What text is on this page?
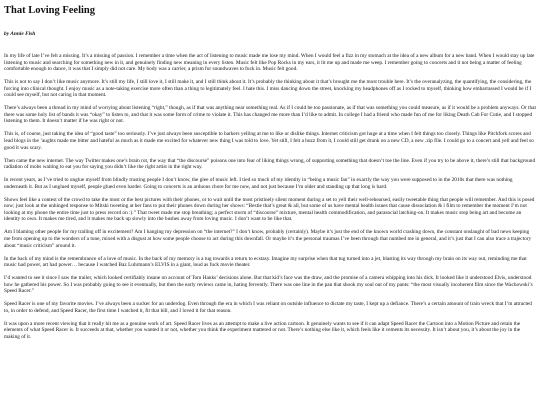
That Loving Feeling
by Annie Fish

In my life of late I’ve felt a missing. It’s a missing of passion. I remember a time when the act of listening to music made me lose my mind. When I would feel a fizz in my stomach at the idea of a new album for a new band. When I would stay up late listening to music and searching for something new in it, and genuinely finding new meaning in every listen. Music felt like Pop Rocks in my ears, it lit me up and made me weep. I remember going to concerts and it not being a matter of feeling comfortable enough to dance, it was that I simply did not care. My body was a carrier, a prism for soundwaves to fuck in. Music felt good.

This is not to say I don’t like music anymore. It’s still my life, I still love it, I still make it, and I still think about it. It’s probably the thinking about it that’s brought me the most trouble here. It’s the overanalyzing, the quantifying, the considering, the forcing into clinical thought. I enjoy music as a note-taking exercise more often than a thing to legitimately feel. I hate this. I miss dancing down the street, knocking my headphones off as I rocked to myself, thinking how embarrassed I would be if I could see myself, but not caring in that moment.

There’s always been a thread in my mind of worrying about listening “right,” though, as if that was anything near something real. As if I could be too passionate, as if that was something you could measure, as if it would be a problem anyways. Or that there was some holy list of bands it was “okay” to listen to, and that it was some form of crime to violate it. This has changed me more than I’d like to admit. In college I had a friend who made fun of me for liking Death Cab For Cutie, and I stopped listening to them. It doesn’t matter if he was right or not.

This is, of course, just taking the idea of “good taste” too seriously. I’ve just always been susceptible to barkers yelling at me to like or dislike things. Internet criticism got huge at a time when I felt things too closely. Things like Pitchfork scores and lead blogs in the ’aughts made me bitter and hateful as much as it made me excited for whatever new thing I was told to love. Yet still, I felt a buzz from it, I could still get drunk on a new CD, a new .zip file. I could go to a concert and yell and feel so good it was scary.

Then came the new internet. The way Twitter makes one’s brain rot, the way that “the discourse” poisons one into fear of liking things wrong, of supporting something that doesn’t toe the line. Even if you try to be above it, there’s still that background radiation of mobs waiting to eat you for saying you didn’t like the right artist in the right way.

In recent years, as I’ve tried to unglue myself from blindly trusting people I don’t know, the glee of music left. I tied so much of my identity in “being a music fan” in exactly the way you were supposed to in the 2010s that there was nothing underneath it. But as I unglued myself, people glued even harder. Going to concerts is an arduous chore for me now, and not just because I’m older and standing up that long is hard.

Shows feel like a contest of the crowd to take the most or the best pictures with their phones, or to wait until the most pristinely silent moment during a set to yell their well-rehearsed, easily tweetable thing that people will remember. And this is posed now; just look at the unhinged response to Mitski tweeting at her fans to put their phones down during her shows: “Bestie that’s great & all, but some of us have mental health issues that cause dissociation & i film to remember the moment I’m not looking at my phone the entire time just to press record on :).” That tweet made me stop breathing; a perfect storm of “discourse” mixture, mental health commodification, and parasocial latching-on. It makes music stop being art and become an identity to own. It makes me tired, and it makes me back up slowly into the bushes away from loving music. I don’t want to be like that.

Am I blaming other people for my trailing off in excitement? Am I hanging my depression on “the internet?” I don’t know, probably (certainly). Maybe it’s just the end of the known world crashing down, the constant onslaught of bad news keeping me from opening up to the wonders of a tune, mixed with a disgust at how some people choose to act during this downfall. Or maybe it’s the personal traumas I’ve been through that numbed me in general, and it’s just that I can also trace a trajectory about “music criticism” around it.

In the back of my mind is the remembrance of a love of music. In the back of my memory is a tug towards a return to ecstasy. Imagine my surprise when that tug turned into a jet, blasting its way through my brain on its way out, reminding me that music had power, art had power… because I watched Baz Luhrmann’s ELVIS in a giant, loud as fuck movie theater.

I’d wanted to see it since I saw the trailer, which looked certifiably insane on account of Tom Hanks’ decisions alone. But that kid’s face was the draw, and the promise of a camera whipping into his dick. It looked like it understood Elvis, understood how he gathered his power. So I was probably going to see it eventually, but then the early reviews came in, hating fervently. There was one line in the pan that shook my soul out of my pants: “the most visually incoherent film since the Wachowski’s Speed Racer.”

Speed Racer is one of my favorite movies. I’ve always been a sucker for an underdog. Even through the era in which I was reliant on outside influence to dictate my taste, I kept up a defiance. There’s a certain amount of train wreck that I’m attracted to, in order to defend, and Speed Racer, the first time I watched it, fit that bill, and I loved it for that reason.

It was upon a more recent viewing that it really hit me as a genuine work of art. Speed Racer lives as an attempt to make a live action cartoon. It genuinely wants to see if it can adapt Speed Racer the Cartoon into a Motion Picture and retain the elements of what Speed Racer is. It succeeds at that, whether you wanted it or not, whether you think the experiment mattered or not. There’s nothing else like it, which feels like it cements its necessity. It isn’t about you, it’s about the joy in the making of it.
